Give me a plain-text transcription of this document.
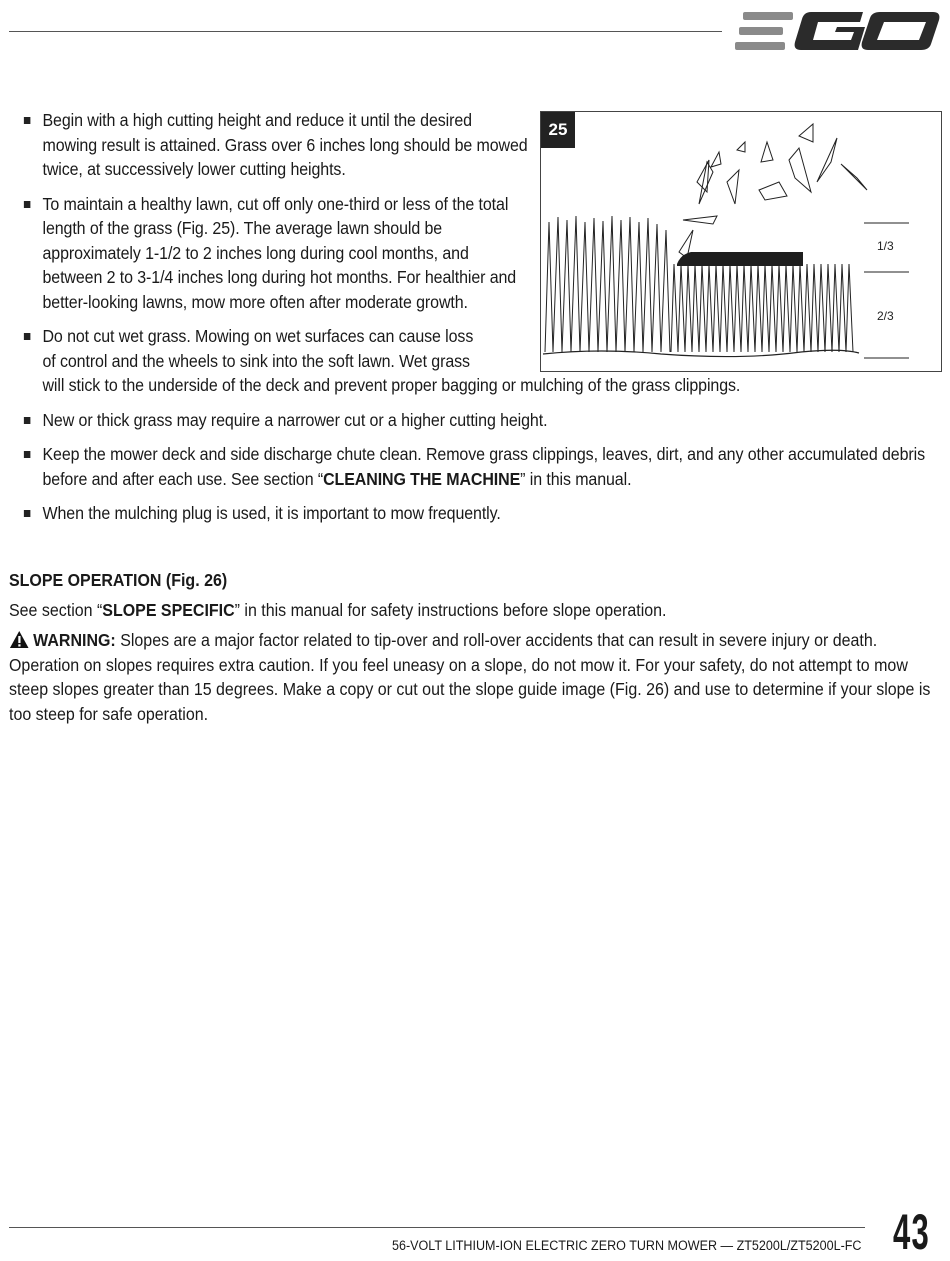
Begin with a high cutting height and reduce it until the desired mowing result is attained. Grass over 6 inches long should be mowed twice, at successively lower cutting heights.
To maintain a healthy lawn, cut off only one-third or less of the total length of the grass (Fig. 25). The average lawn should be approximately 1-1/2 to 2 inches long during cool months, and between 2 to 3-1/4 inches long during hot months. For healthier and better-looking lawns, mow more often after moderate growth.
Do not cut wet grass. Mowing on wet surfaces can cause loss
of control and the wheels to sink into the soft lawn. Wet grass
will stick to the underside of the deck and prevent proper bagging or mulching of the grass clippings.
New or thick grass may require a narrower cut or a higher cutting height.
Keep the mower deck and side discharge chute clean. Remove grass clippings, leaves, dirt, and any other accumulated debris before and after each use. See section “CLEANING THE MACHINE” in this manual.
When the mulching plug is used, it is important to mow frequently.
25
1/3
2/3
SLOPE OPERATION (Fig. 26)
See section “SLOPE SPECIFIC” in this manual for safety instructions before slope operation.
WARNING: Slopes are a major factor related to tip-over and roll-over accidents that can result in severe injury or death. Operation on slopes requires extra caution. If you feel uneasy on a slope, do not mow it. For your safety, do not attempt to mow steep slopes greater than 15 degrees. Make a copy or cut out the slope guide image (Fig. 26) and use to determine if your slope is too steep for safe operation.
56-VOLT LITHIUM-ION ELECTRIC ZERO TURN MOWER — ZT5200L/ZT5200L-FC 43
